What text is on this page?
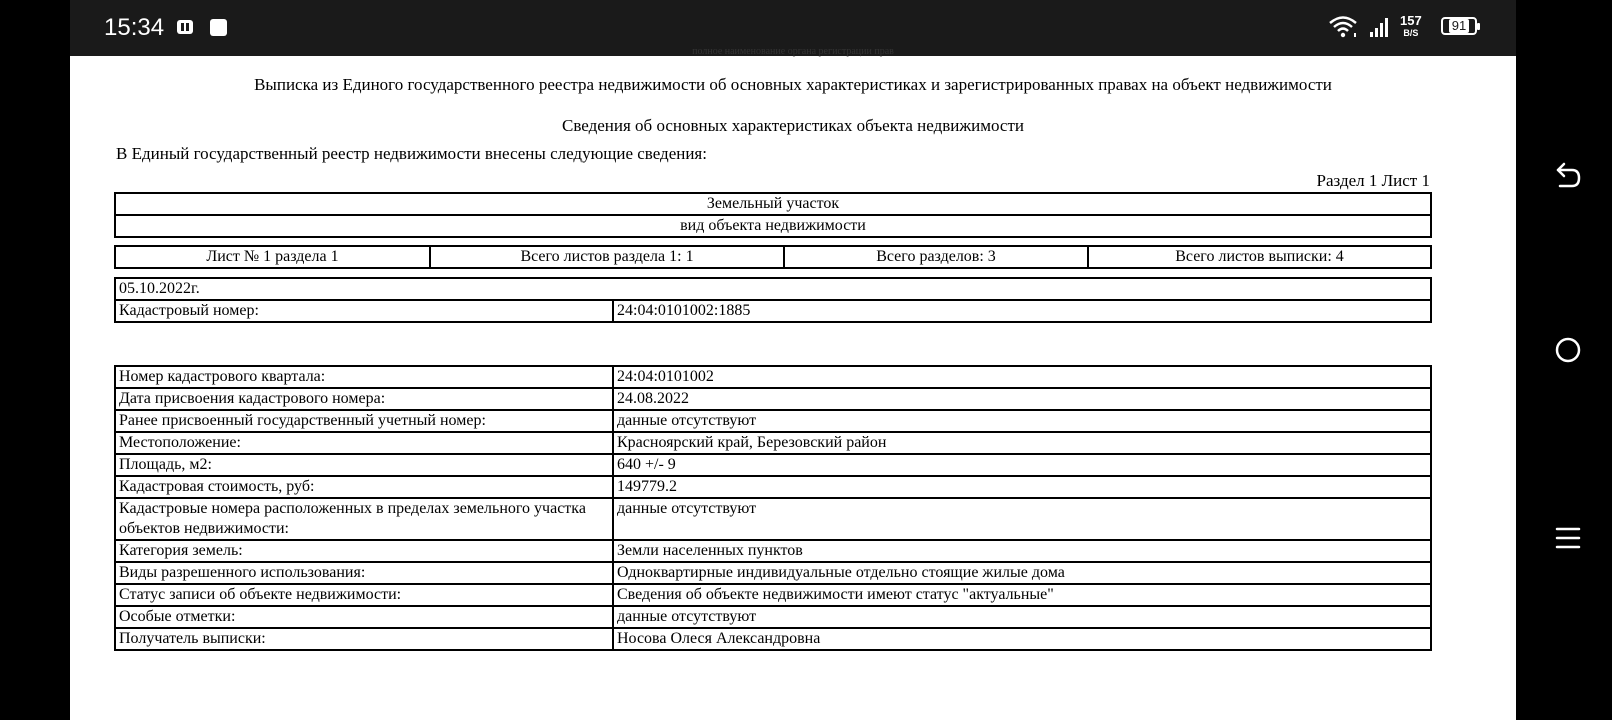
15:34	157
B/S	91
полное наименование органа регистрации прав
Выписка из Единого государственного реестра недвижимости об основных характеристиках и зарегистрированных правах на объект недвижимости
Сведения об основных характеристиках объекта недвижимости
В Единый государственный реестр недвижимости внесены следующие сведения:
Раздел 1 Лист 1
Земельный участок
вид объекта недвижимости
Лист № 1 раздела 1	Всего листов раздела 1: 1	Всего разделов: 3	Всего листов выписки: 4
05.10.2022г.
Кадастровый номер:	24:04:0101002:1885
Номер кадастрового квартала:	24:04:0101002
Дата присвоения кадастрового номера:	24.08.2022
Ранее присвоенный государственный учетный номер:	данные отсутствуют
Местоположение:	Красноярский край, Березовский район
Площадь, м2:	640 +/- 9
Кадастровая стоимость, руб:	149779.2
Кадастровые номера расположенных в пределах земельного участка объектов недвижимости:	данные отсутствуют
Категория земель:	Земли населенных пунктов
Виды разрешенного использования:	Одноквартирные индивидуальные отдельно стоящие жилые дома
Статус записи об объекте недвижимости:	Сведения об объекте недвижимости имеют статус "актуальные"
Особые отметки:	данные отсутствуют
Получатель выписки:	Носова Олеся Александровна
